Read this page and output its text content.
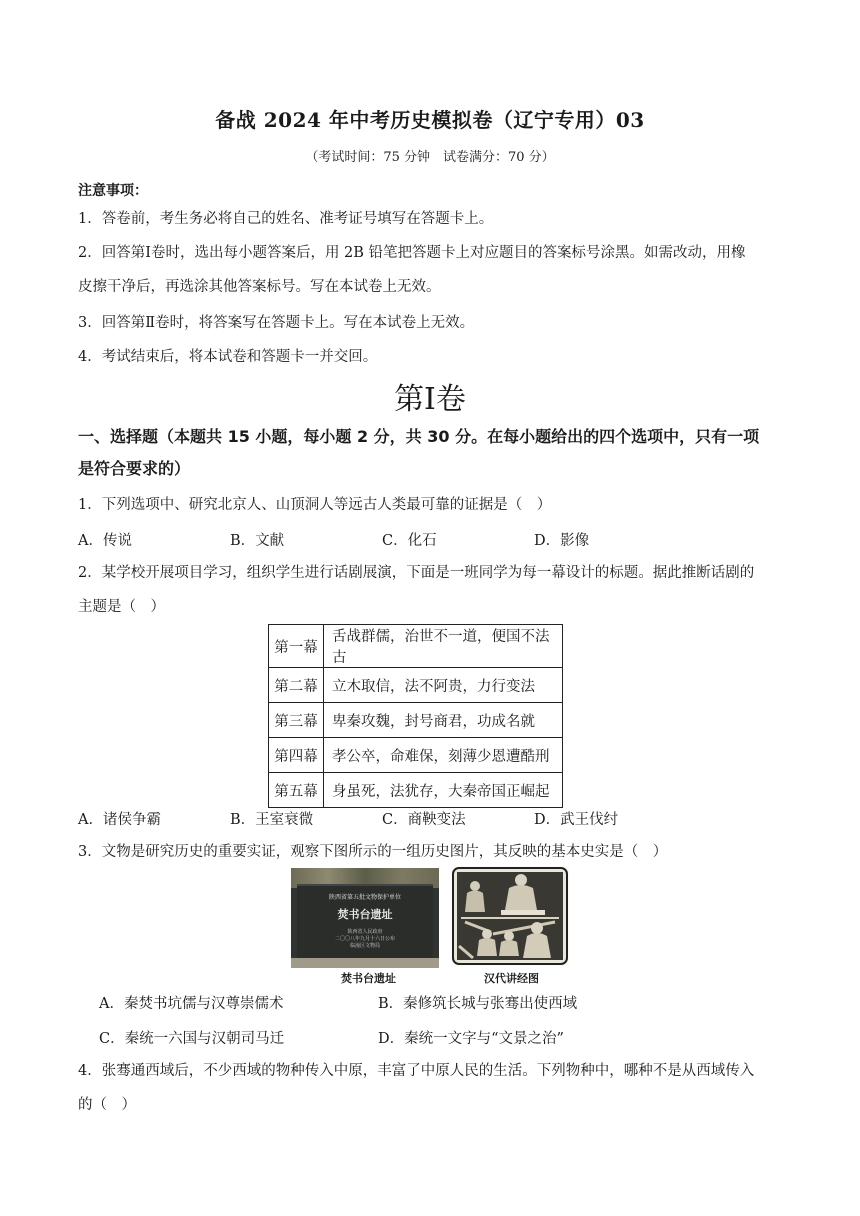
备战 2024 年中考历史模拟卷（辽宁专用）03
（考试时间：75 分钟　试卷满分：70 分）
注意事项：
1．答卷前，考生务必将自己的姓名、准考证号填写在答题卡上。
2．回答第Ⅰ卷时，选出每小题答案后，用 2B 铅笔把答题卡上对应题目的答案标号涂黑。如需改动，用橡
皮擦干净后，再选涂其他答案标号。写在本试卷上无效。
3．回答第Ⅱ卷时，将答案写在答题卡上。写在本试卷上无效。
4．考试结束后，将本试卷和答题卡一并交回。
第Ⅰ卷
一、选择题（本题共 15 小题，每小题 2 分，共 30 分。在每小题给出的四个选项中，只有一项
是符合要求的）
1．下列选项中、研究北京人、山顶洞人等远古人类最可靠的证据是（　）
A．传说	B．文献	C．化石	D．影像
2．某学校开展项目学习，组织学生进行话剧展演，下面是一班同学为每一幕设计的标题。据此推断话剧的
主题是（　）
第一幕	舌战群儒，治世不一道，便国不法古
第二幕	立木取信，法不阿贵，力行变法
第三幕	卑秦攻魏，封号商君，功成名就
第四幕	孝公卒，命难保，刻薄少恩遭酷刑
第五幕	身虽死，法犹存，大秦帝国正崛起
A．诸侯争霸	B．王室衰微	C．商鞅变法	D．武王伐纣
3．文物是研究历史的重要实证，观察下图所示的一组历史图片，其反映的基本史实是（　）
陕西省第五批文物保护单位
焚书台遗址
陕西省人民政府
二〇〇八年九月十六日公布
临潼区文物局
焚书台遗址	汉代讲经图
A．秦焚书坑儒与汉尊崇儒术	B．秦修筑长城与张骞出使西域
C．秦统一六国与汉朝司马迁	D．秦统一文字与“文景之治”
4．张骞通西域后，不少西域的物种传入中原，丰富了中原人民的生活。下列物种中，哪种不是从西域传入
的（　）
